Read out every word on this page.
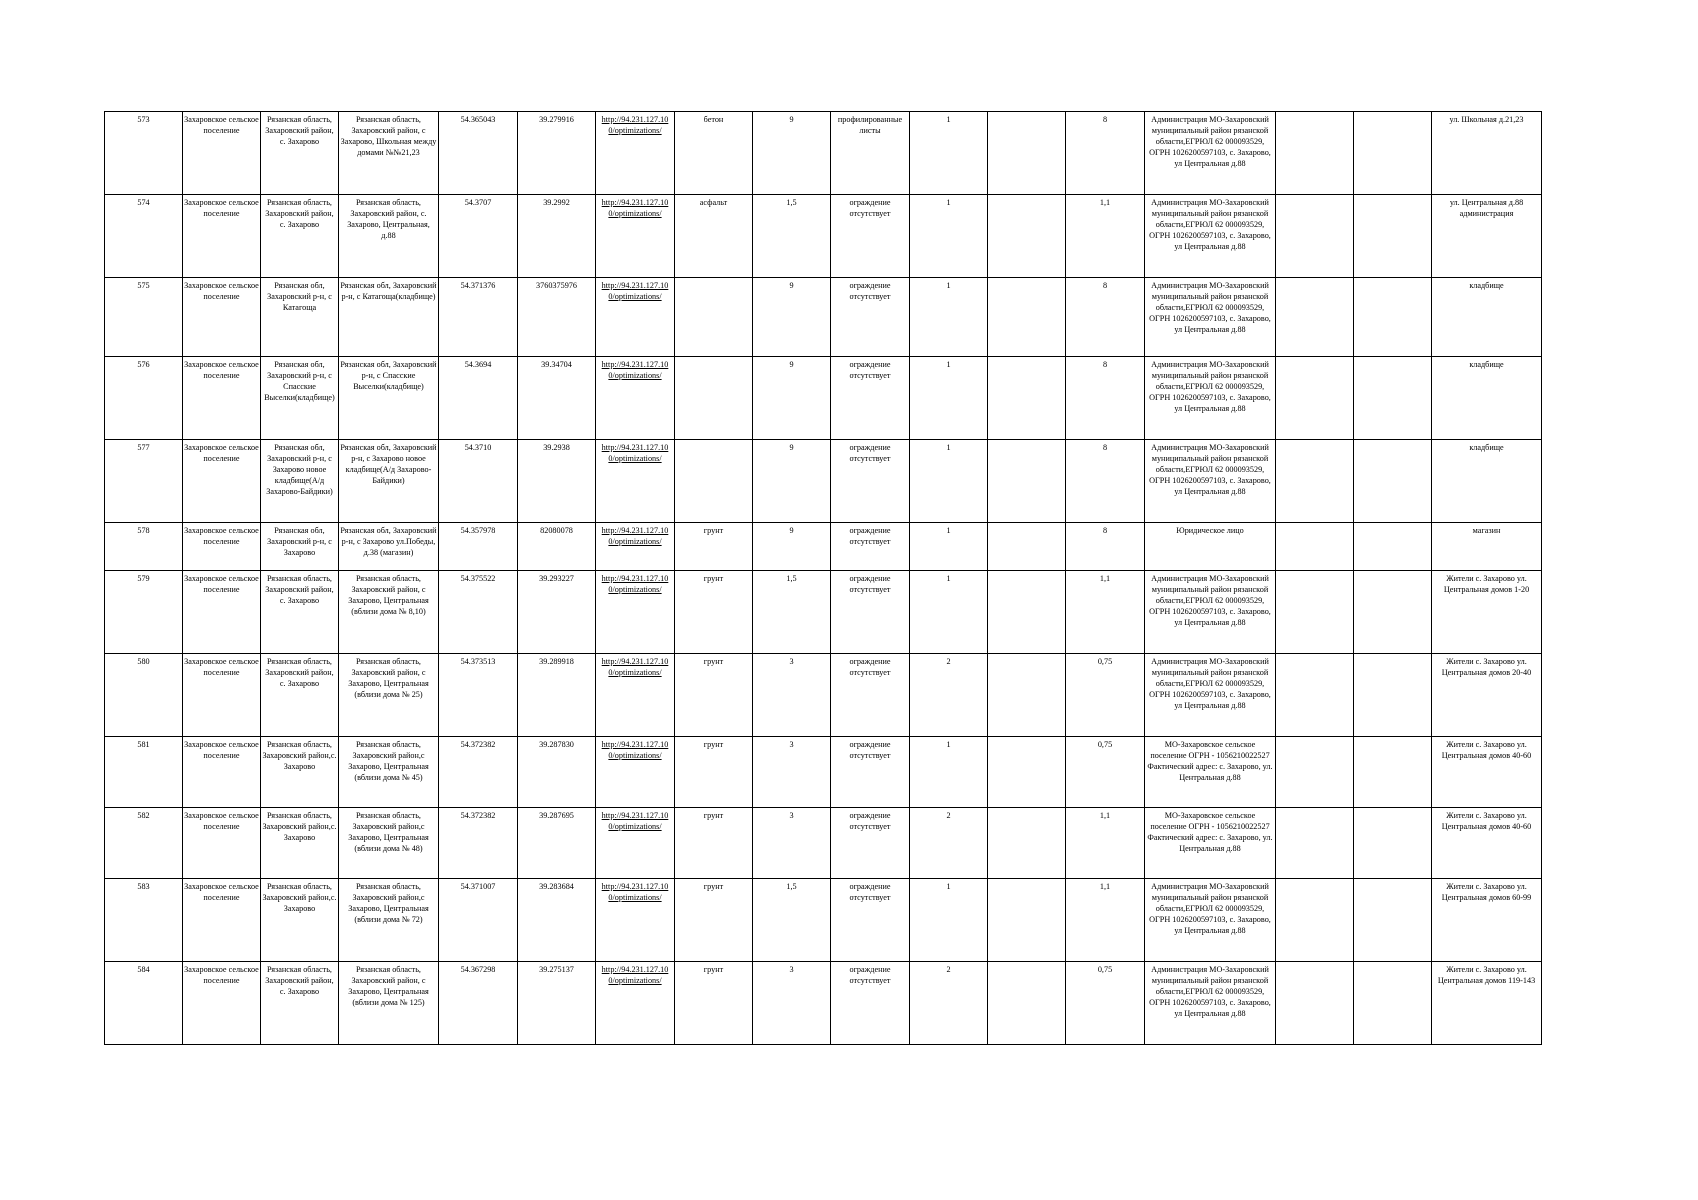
573	Захаровское сельское поселение	Рязанская область, Захаровский район, с. Захарово	Рязанская область, Захаровский район, с Захарово, Школьная между домами №№21,23	54.365043	39.279916	http://94.231.127.10 0/optimizations/	бетон	9	профилированные листы	1		8	Администрация МО-Захаровский муниципальный район рязанской области,ЕГРЮЛ 62 000093529, ОГРН 1026200597103, с. Захарово, ул Центральная д.88			ул. Школьная д.21,23
574	Захаровское сельское поселение	Рязанская область, Захаровский район, с. Захарово	Рязанская область, Захаровский район, с. Захарово, Центральная, д.88	54.3707	39.2992	http://94.231.127.10 0/optimizations/	асфальт	1,5	ограждение отсутствует	1		1,1	Администрация МО-Захаровский муниципальный район рязанской области,ЕГРЮЛ 62 000093529, ОГРН 1026200597103, с. Захарово, ул Центральная д.88			ул. Центральная д.88 администрация
575	Захаровское сельское поселение	Рязанская обл, Захаровский р-н, с Катагоща	Рязанская обл, Захаровский р-н, с Катагоща(кладбище)	54.371376	3760375976	http://94.231.127.10 0/optimizations/		9	ограждение отсутствует	1		8	Администрация МО-Захаровский муниципальный район рязанской области,ЕГРЮЛ 62 000093529, ОГРН 1026200597103, с. Захарово, ул Центральная д.88			кладбище
576	Захаровское сельское поселение	Рязанская обл, Захаровский р-н, с Спасские Выселки(кладбище)	Рязанская обл, Захаровский р-н, с Спасские Выселки(кладбище)	54.3694	39.34704	http://94.231.127.10 0/optimizations/		9	ограждение отсутствует	1		8	Администрация МО-Захаровский муниципальный район рязанской области,ЕГРЮЛ 62 000093529, ОГРН 1026200597103, с. Захарово, ул Центральная д.88			кладбище
577	Захаровское сельское поселение	Рязанская обл, Захаровский р-н, с Захарово новое кладбище(А/д Захарово-Байдики)	Рязанская обл, Захаровский р-н, с Захарово новое кладбище(А/д Захарово-Байдики)	54.3710	39.2938	http://94.231.127.10 0/optimizations/		9	ограждение отсутствует	1		8	Администрация МО-Захаровский муниципальный район рязанской области,ЕГРЮЛ 62 000093529, ОГРН 1026200597103, с. Захарово, ул Центральная д.88			кладбище
578	Захаровское сельское поселение	Рязанская обл, Захаровский р-н, с Захарово	Рязанская обл, Захаровский р-н, с Захарово ул.Победы, д.38 (магазин)	54.357978	82080078	http://94.231.127.10 0/optimizations/	грунт	9	ограждение отсутствует	1		8	Юридическое лицо			магазин
579	Захаровское сельское поселение	Рязанская область, Захаровский район, с. Захарово	Рязанская область, Захаровский район, с Захарово, Центральная (вблизи дома № 8,10)	54.375522	39.293227	http://94.231.127.10 0/optimizations/	грунт	1,5	ограждение отсутствует	1		1,1	Администрация МО-Захаровский муниципальный район рязанской области,ЕГРЮЛ 62 000093529, ОГРН 1026200597103, с. Захарово, ул Центральная д.88			Жители с. Захарово ул. Центральная домов 1-20
580	Захаровское сельское поселение	Рязанская область, Захаровский район, с. Захарово	Рязанская область, Захаровский район, с Захарово, Центральная (вблизи дома № 25)	54.373513	39.289918	http://94.231.127.10 0/optimizations/	грунт	3	ограждение отсутствует	2		0,75	Администрация МО-Захаровский муниципальный район рязанской области,ЕГРЮЛ 62 000093529, ОГРН 1026200597103, с. Захарово, ул Центральная д.88			Жители с. Захарово ул. Центральная домов 20-40
581	Захаровское сельское поселение	Рязанская область, Захаровский район,с. Захарово	Рязанская область, Захаровский район,с Захарово, Центральная (вблизи дома № 45)	54.372382	39.287830	http://94.231.127.10 0/optimizations/	грунт	3	ограждение отсутствует	1		0,75	МО-Захаровское сельское поселение ОГРН - 1056210022527 Фактический адрес: с. Захарово, ул. Центральная д.88			Жители с. Захарово ул. Центральная домов 40-60
582	Захаровское сельское поселение	Рязанская область, Захаровский район,с. Захарово	Рязанская область, Захаровский район,с Захарово, Центральная (вблизи дома № 48)	54.372382	39.287695	http://94.231.127.10 0/optimizations/	грунт	3	ограждение отсутствует	2		1,1	МО-Захаровское сельское поселение ОГРН - 1056210022527 Фактический адрес: с. Захарово, ул. Центральная д.88			Жители с. Захарово ул. Центральная домов 40-60
583	Захаровское сельское поселение	Рязанская область, Захаровский район,с. Захарово	Рязанская область, Захаровский район,с Захарово, Центральная (вблизи дома № 72)	54.371007	39.283684	http://94.231.127.10 0/optimizations/	грунт	1,5	ограждение отсутствует	1		1,1	Администрация МО-Захаровский муниципальный район рязанской области,ЕГРЮЛ 62 000093529, ОГРН 1026200597103, с. Захарово, ул Центральная д.88			Жители с. Захарово ул. Центральная домов 60-99
584	Захаровское сельское поселение	Рязанская область, Захаровский район, с. Захарово	Рязанская область, Захаровский район, с Захарово, Центральная (вблизи дома № 125)	54.367298	39.275137	http://94.231.127.10 0/optimizations/	грунт	3	ограждение отсутствует	2		0,75	Администрация МО-Захаровский муниципальный район рязанской области,ЕГРЮЛ 62 000093529, ОГРН 1026200597103, с. Захарово, ул Центральная д.88			Жители с. Захарово ул. Центральная домов 119-143
